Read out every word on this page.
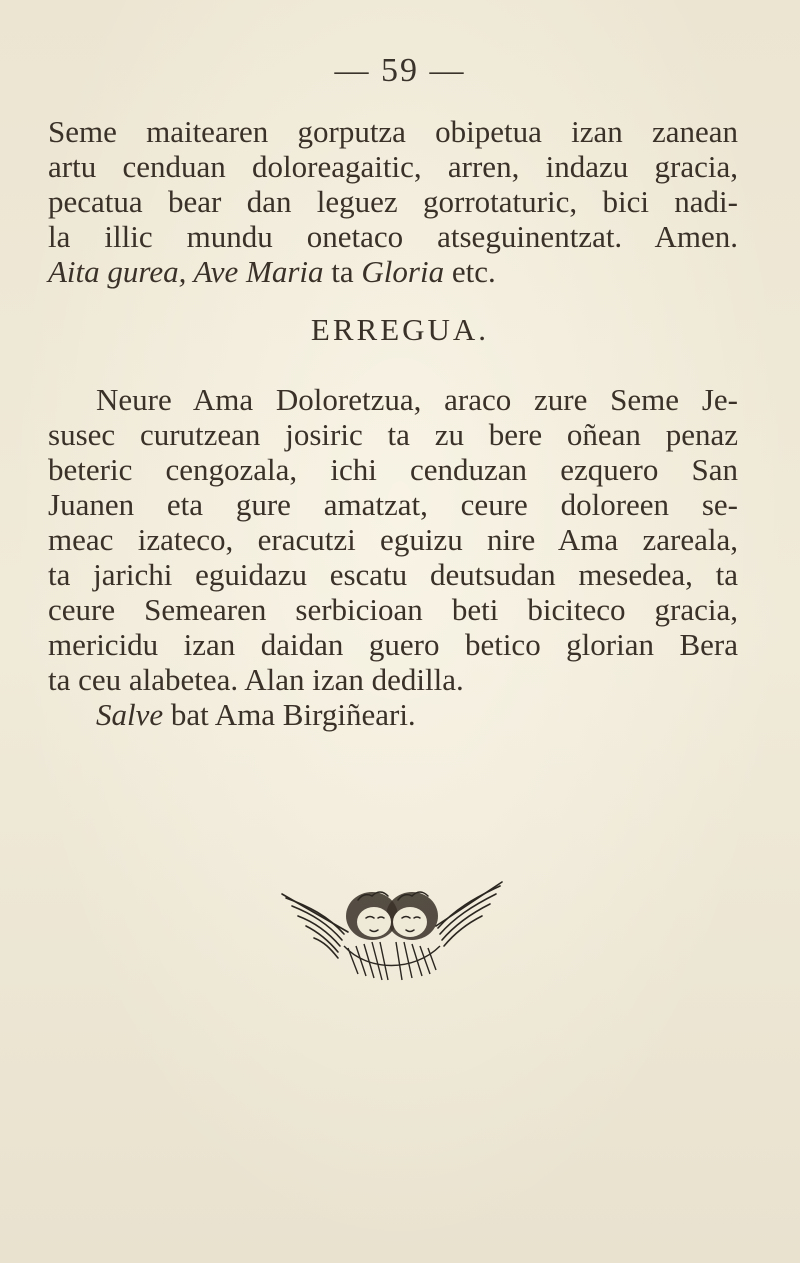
— 59 —
Seme maitearen gorputza obipetua izan zanean
artu cenduan doloreagaitic, arren, indazu gracia,
pecatua bear dan leguez gorrotaturic, bici nadi-
la illic mundu onetaco atseguinentzat. Amen.
Aita gurea, Ave Maria ta Gloria etc.
ERREGUA.
Neure Ama Doloretzua, araco zure Seme Je-
susec curutzean josiric ta zu bere oñean penaz
beteric cengozala, ichi cenduzan ezquero San
Juanen eta gure amatzat, ceure doloreen se-
meac izateco, eracutzi eguizu nire Ama zareala,
ta jarichi eguidazu escatu deutsudan mesedea, ta
ceure Semearen serbicioan beti biciteco gracia,
mericidu izan daidan guero betico glorian Bera
ta ceu alabetea. Alan izan dedilla.
Salve bat Ama Birgiñeari.
